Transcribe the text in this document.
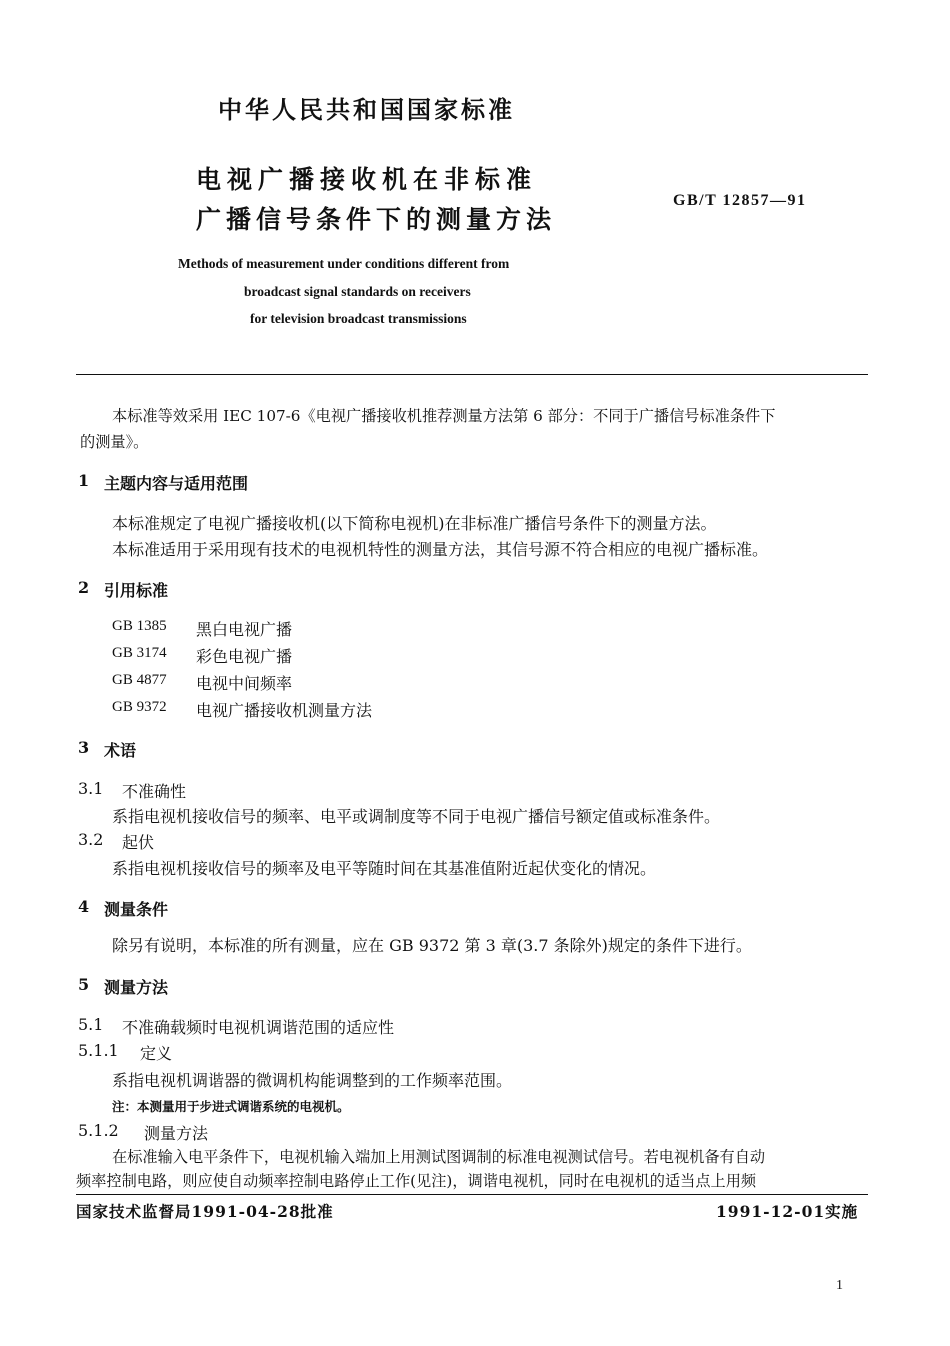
中华人民共和国国家标准
电视广播接收机在非标准
广播信号条件下的测量方法
GB/T 12857—91
Methods of measurement under conditions different from
broadcast signal standards on receivers
for television broadcast transmissions
本标准等效采用 IEC 107-6《电视广播接收机推荐测量方法第 6 部分：不同于广播信号标准条件下
的测量》。
1 主题内容与适用范围
本标准规定了电视广播接收机(以下简称电视机)在非标准广播信号条件下的测量方法。
本标准适用于采用现有技术的电视机特性的测量方法，其信号源不符合相应的电视广播标准。
2 引用标准
GB 1385 黑白电视广播
GB 3174 彩色电视广播
GB 4877 电视中间频率
GB 9372 电视广播接收机测量方法
3 术语
3.1 不准确性
系指电视机接收信号的频率、电平或调制度等不同于电视广播信号额定值或标准条件。
3.2 起伏
系指电视机接收信号的频率及电平等随时间在其基准值附近起伏变化的情况。
4 测量条件
除另有说明，本标准的所有测量，应在 GB 9372 第 3 章(3.7 条除外)规定的条件下进行。
5 测量方法
5.1 不准确载频时电视机调谐范围的适应性
5.1.1 定义
系指电视机调谐器的微调机构能调整到的工作频率范围。
注：本测量用于步进式调谐系统的电视机。
5.1.2 测量方法
在标准输入电平条件下，电视机输入端加上用测试图调制的标准电视测试信号。若电视机备有自动
频率控制电路，则应使自动频率控制电路停止工作(见注)，调谐电视机，同时在电视机的适当点上用频
国家技术监督局1991-04-28批准	1991-12-01实施
1
